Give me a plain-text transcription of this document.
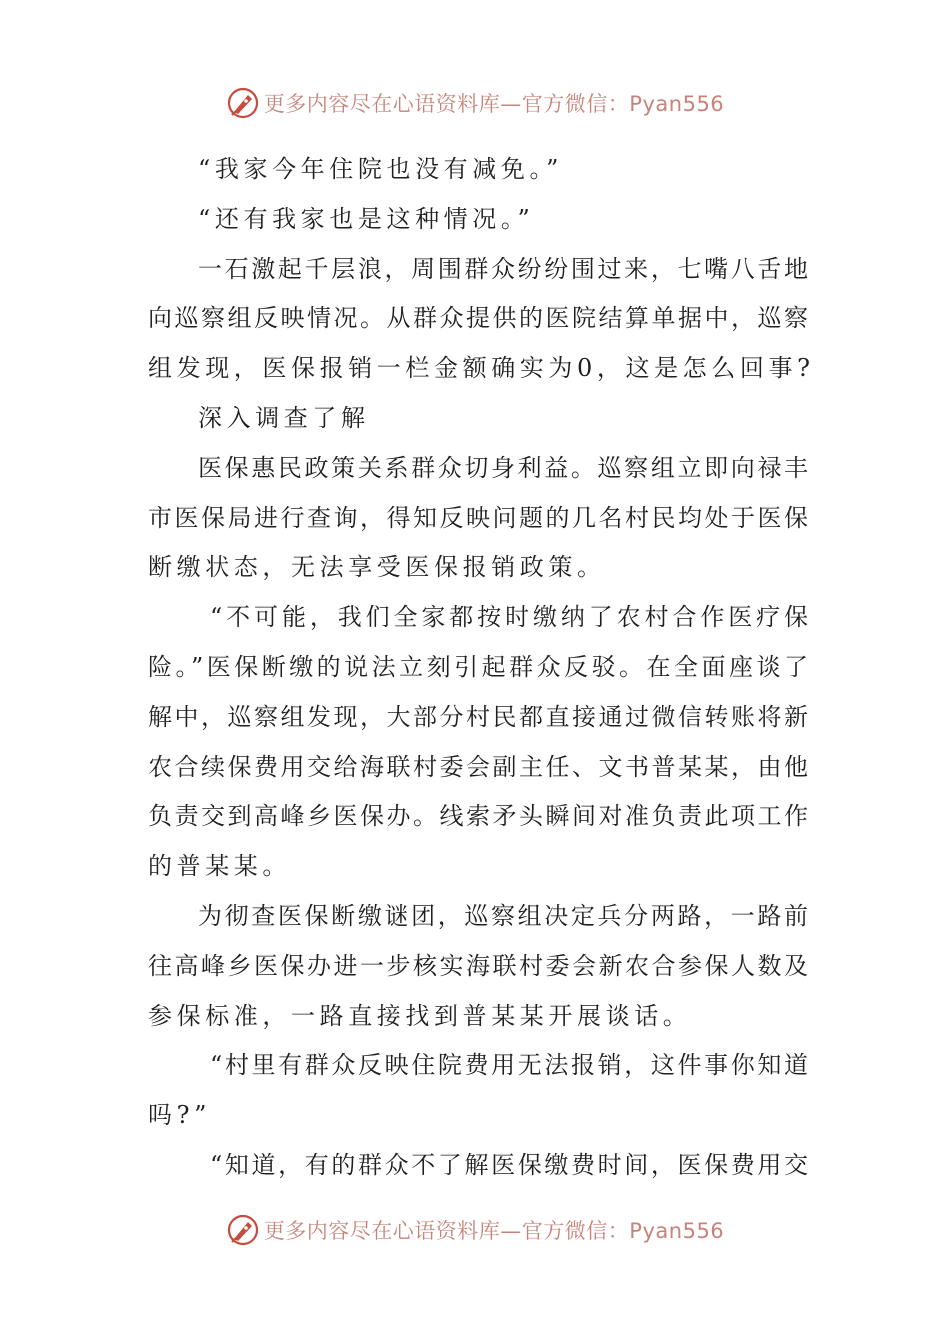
更多内容尽在心语资料库—官方微信：Pyan556
“我家今年住院也没有减免。”
“还有我家也是这种情况。”
一石激起千层浪，周围群众纷纷围过来，七嘴八舌地
向巡察组反映情况。从群众提供的医院结算单据中，巡察
组发现，医保报销一栏金额确实为0，这是怎么回事?
深入调查了解
医保惠民政策关系群众切身利益。巡察组立即向禄丰
市医保局进行查询，得知反映问题的几名村民均处于医保
断缴状态，无法享受医保报销政策。
“不可能，我们全家都按时缴纳了农村合作医疗保
险。”医保断缴的说法立刻引起群众反驳。在全面座谈了
解中，巡察组发现，大部分村民都直接通过微信转账将新
农合续保费用交给海联村委会副主任、文书普某某，由他
负责交到高峰乡医保办。线索矛头瞬间对准负责此项工作
的普某某。
为彻查医保断缴谜团，巡察组决定兵分两路，一路前
往高峰乡医保办进一步核实海联村委会新农合参保人数及
参保标准，一路直接找到普某某开展谈话。
“村里有群众反映住院费用无法报销，这件事你知道
吗?”
“知道，有的群众不了解医保缴费时间，医保费用交
更多内容尽在心语资料库—官方微信：Pyan556
